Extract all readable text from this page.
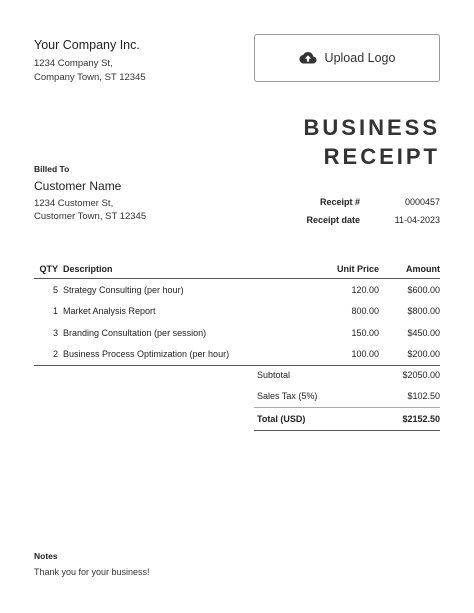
Your Company Inc.
1234 Company St,
Company Town, ST 12345
Upload Logo
BUSINESS
RECEIPT
Billed To
Customer Name
1234 Customer St,
Customer Town, ST 12345
Receipt #	0000457
Receipt date	11-04-2023
QTY Description	Unit Price	Amount
5 Strategy Consulting (per hour)	120.00	$600.00
1 Market Analysis Report	800.00	$800.00
3 Branding Consultation (per session)	150.00	$450.00
2 Business Process Optimization (per hour)	100.00	$200.00
Subtotal	$2050.00
Sales Tax (5%)	$102.50
Total (USD)	$2152.50
Notes
Thank you for your business!
